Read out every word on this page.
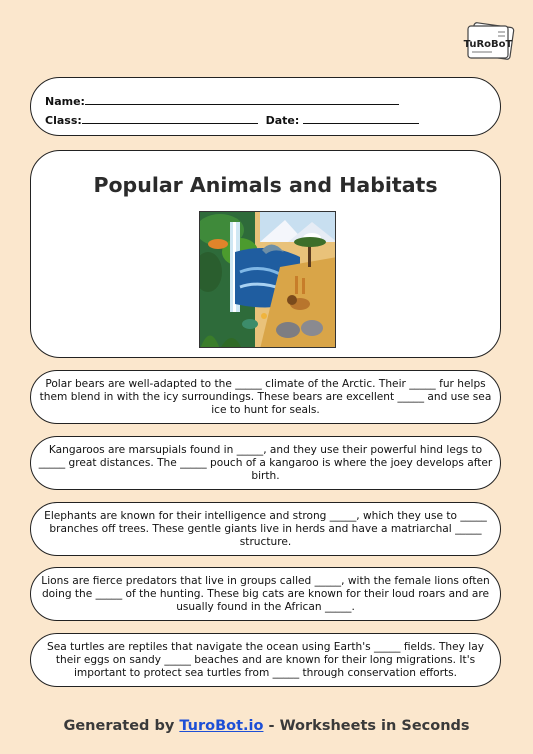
TuRoBoT
Name:
Class:	Date:
Popular Animals and Habitats
Polar bears are well-adapted to the _____ climate of the Arctic. Their _____ fur helps them blend in with the icy surroundings. These bears are excellent _____ and use sea ice to hunt for seals.
Kangaroos are marsupials found in _____, and they use their powerful hind legs to _____ great distances. The _____ pouch of a kangaroo is where the joey develops after birth.
Elephants are known for their intelligence and strong _____, which they use to _____ branches off trees. These gentle giants live in herds and have a matriarchal _____ structure.
Lions are fierce predators that live in groups called _____, with the female lions often doing the _____ of the hunting. These big cats are known for their loud roars and are usually found in the African _____.
Sea turtles are reptiles that navigate the ocean using Earth's _____ fields. They lay their eggs on sandy _____ beaches and are known for their long migrations. It's important to protect sea turtles from _____ through conservation efforts.
Generated by TuroBot.io - Worksheets in Seconds
